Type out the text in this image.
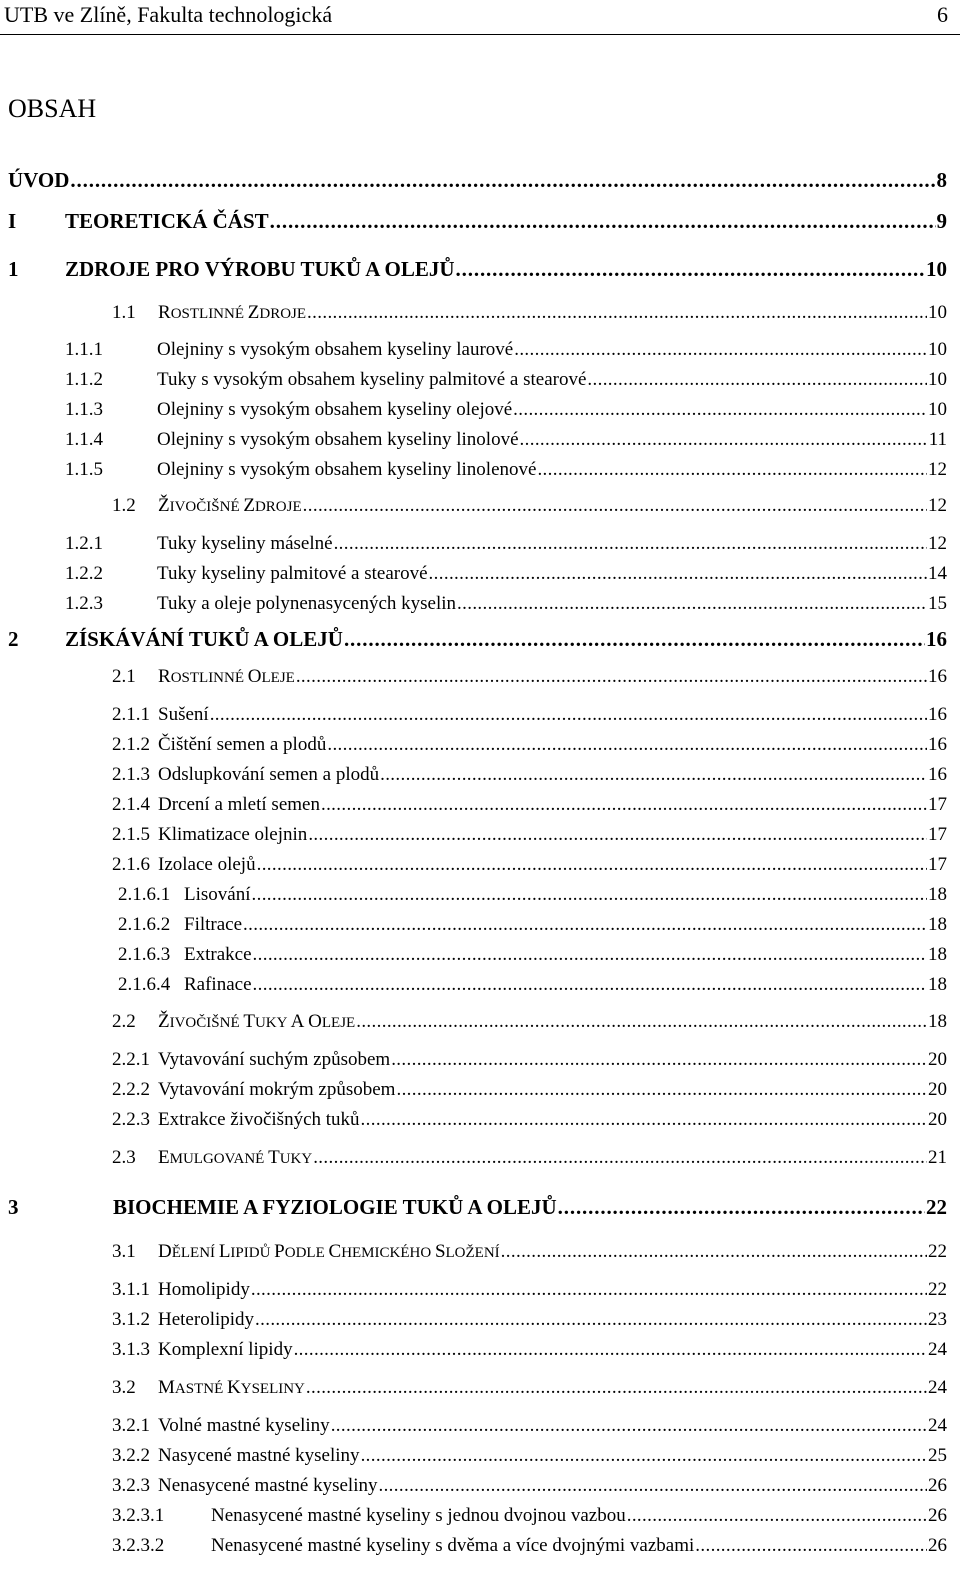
UTB ve Zlíně, Fakulta technologická	6
OBSAH
ÚVOD . . .	8
I	TEORETICKÁ ČÁST . . .	9
1	ZDROJE PRO VÝROBU TUKŮ A OLEJŮ . . .	10
1.1	ROSTLINNÉ ZDROJE . . .	10
1.1.1	Olejniny s vysokým obsahem kyseliny laurové . . .	10
1.1.2	Tuky s vysokým obsahem kyseliny palmitové a stearové . . .	10
1.1.3	Olejniny s vysokým obsahem kyseliny olejové . . .	10
1.1.4	Olejniny s vysokým obsahem kyseliny linolové . . .	11
1.1.5	Olejniny s vysokým obsahem kyseliny linolenové . . .	12
1.2	ŽIVOČIŠNÉ ZDROJE . . .	12
1.2.1	Tuky kyseliny máselné . . .	12
1.2.2	Tuky kyseliny palmitové a stearové . . .	14
1.2.3	Tuky a oleje polynenasycených kyselin . . .	15
2	ZÍSKÁVÁNÍ TUKŮ A OLEJŮ . . .	16
2.1	ROSTLINNÉ OLEJE . . .	16
2.1.1 Sušení . . .	16
2.1.2 Čištění semen a plodů . . .	16
2.1.3 Odslupkování semen a plodů . . .	16
2.1.4 Drcení a mletí semen . . .	17
2.1.5 Klimatizace olejnin . . .	17
2.1.6 Izolace olejů . . .	17
2.1.6.1 Lisování . . .	18
2.1.6.2 Filtrace . . .	18
2.1.6.3 Extrakce . . .	18
2.1.6.4 Rafinace . . .	18
2.2	ŽIVOČIŠNÉ TUKY A OLEJE . . .	18
2.2.1 Vytavování suchým způsobem . . .	20
2.2.2 Vytavování mokrým způsobem . . .	20
2.2.3 Extrakce živočišných tuků . . .	20
2.3	EMULGOVANÉ TUKY . . .	21
3	BIOCHEMIE A FYZIOLOGIE TUKŮ A OLEJŮ . . .	22
3.1	DĚLENÍ LIPIDŮ PODLE CHEMICKÉHO SLOŽENÍ . . .	22
3.1.1 Homolipidy . . .	22
3.1.2 Heterolipidy . . .	23
3.1.3 Komplexní lipidy . . .	24
3.2	MASTNÉ KYSELINY . . .	24
3.2.1 Volné mastné kyseliny . . .	24
3.2.2 Nasycené mastné kyseliny . . .	25
3.2.3 Nenasycené mastné kyseliny . . .	26
3.2.3.1	Nenasycené mastné kyseliny s jednou dvojnou vazbou . . .	26
3.2.3.2	Nenasycené mastné kyseliny s dvěma a více dvojnými vazbami . . .	26
